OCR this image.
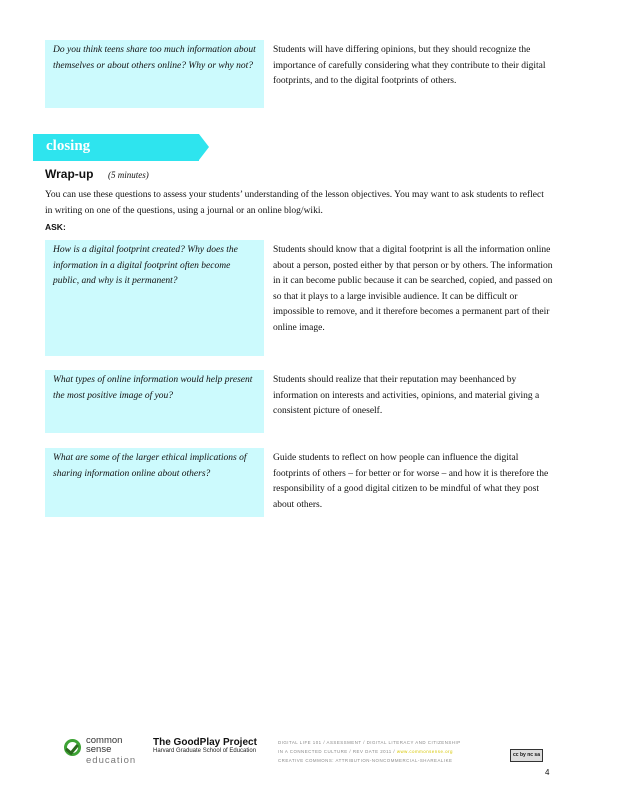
Do you think teens share too much information about themselves or about others online? Why or why not?
Students will have differing opinions, but they should recognize the importance of carefully considering what they contribute to their digital footprints, and to the digital footprints of others.
closing
Wrap-up (5 minutes)
You can use these questions to assess your students’ understanding of the lesson objectives. You may want to ask students to reflect in writing on one of the questions, using a journal or an online blog/wiki.
ASK:
How is a digital footprint created? Why does the information in a digital footprint often become public, and why is it permanent?
Students should know that a digital footprint is all the information online about a person, posted either by that person or by others. The information in it can become public because it can be searched, copied, and passed on so that it plays to a large invisible audience. It can be difficult or impossible to remove, and it therefore becomes a permanent part of their online image.
What types of online information would help present the most positive image of you?
Students should realize that their reputation may beenhanced by information on interests and activities, opinions, and material giving a consistent picture of oneself.
What are some of the larger ethical implications of sharing information online about others?
Guide students to reflect on how people can influence the digital footprints of others – for better or for worse – and how it is therefore the responsibility of a good digital citizen to be mindful of what they post about others.
common
sense
education
The GoodPlay Project
Harvard Graduate School of Education
DIGITAL LIFE 101 / ASSESSMENT / DIGITAL LITERACY AND CITIZENSHIP
IN A CONNECTED CULTURE / REV DATE 2011 / www.commonsense.org
CREATIVE COMMONS: ATTRIBUTION-NONCOMMERCIAL-SHAREALIKE
cc by nc sa
4
